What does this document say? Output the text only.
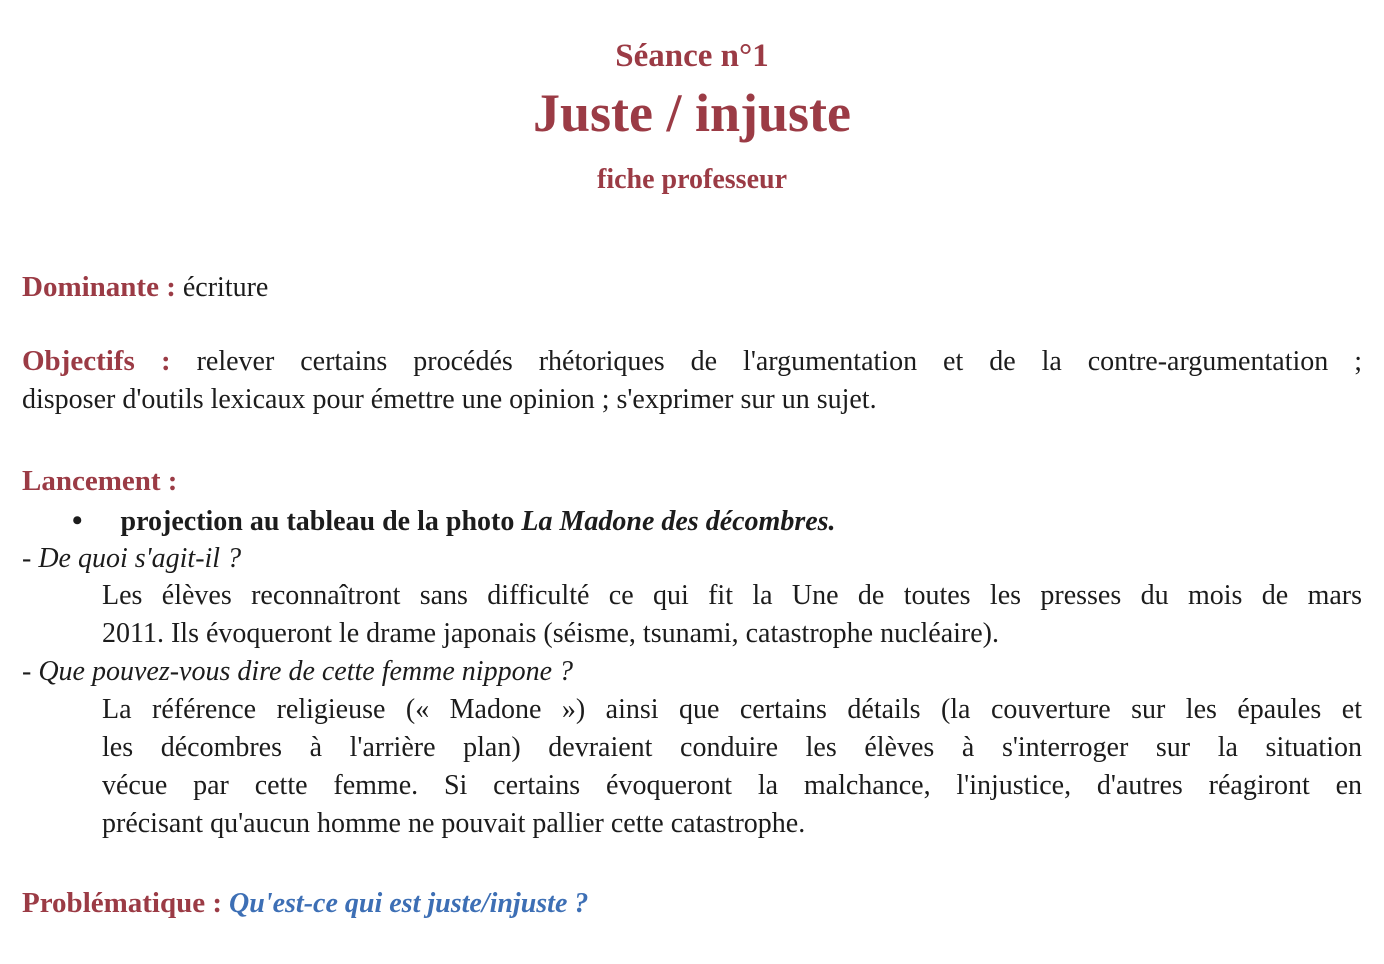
Séance n°1
Juste / injuste
fiche professeur
Dominante : écriture
Objectifs : relever certains procédés rhétoriques de l'argumentation et de la contre-argumentation ;
disposer d'outils lexicaux pour émettre une opinion ; s'exprimer sur un sujet.
Lancement :
• projection au tableau de la photo La Madone des décombres.
- De quoi s'agit-il ?
Les élèves reconnaîtront sans difficulté ce qui fit la Une de toutes les presses du mois de mars
2011. Ils évoqueront le drame japonais (séisme, tsunami, catastrophe nucléaire).
- Que pouvez-vous dire de cette femme nippone ?
La référence religieuse (« Madone ») ainsi que certains détails (la couverture sur les épaules et
les décombres à l'arrière plan) devraient conduire les élèves à s'interroger sur la situation
vécue par cette femme. Si certains évoqueront la malchance, l'injustice, d'autres réagiront en
précisant qu'aucun homme ne pouvait pallier cette catastrophe.
Problématique : Qu'est-ce qui est juste/injuste ?
